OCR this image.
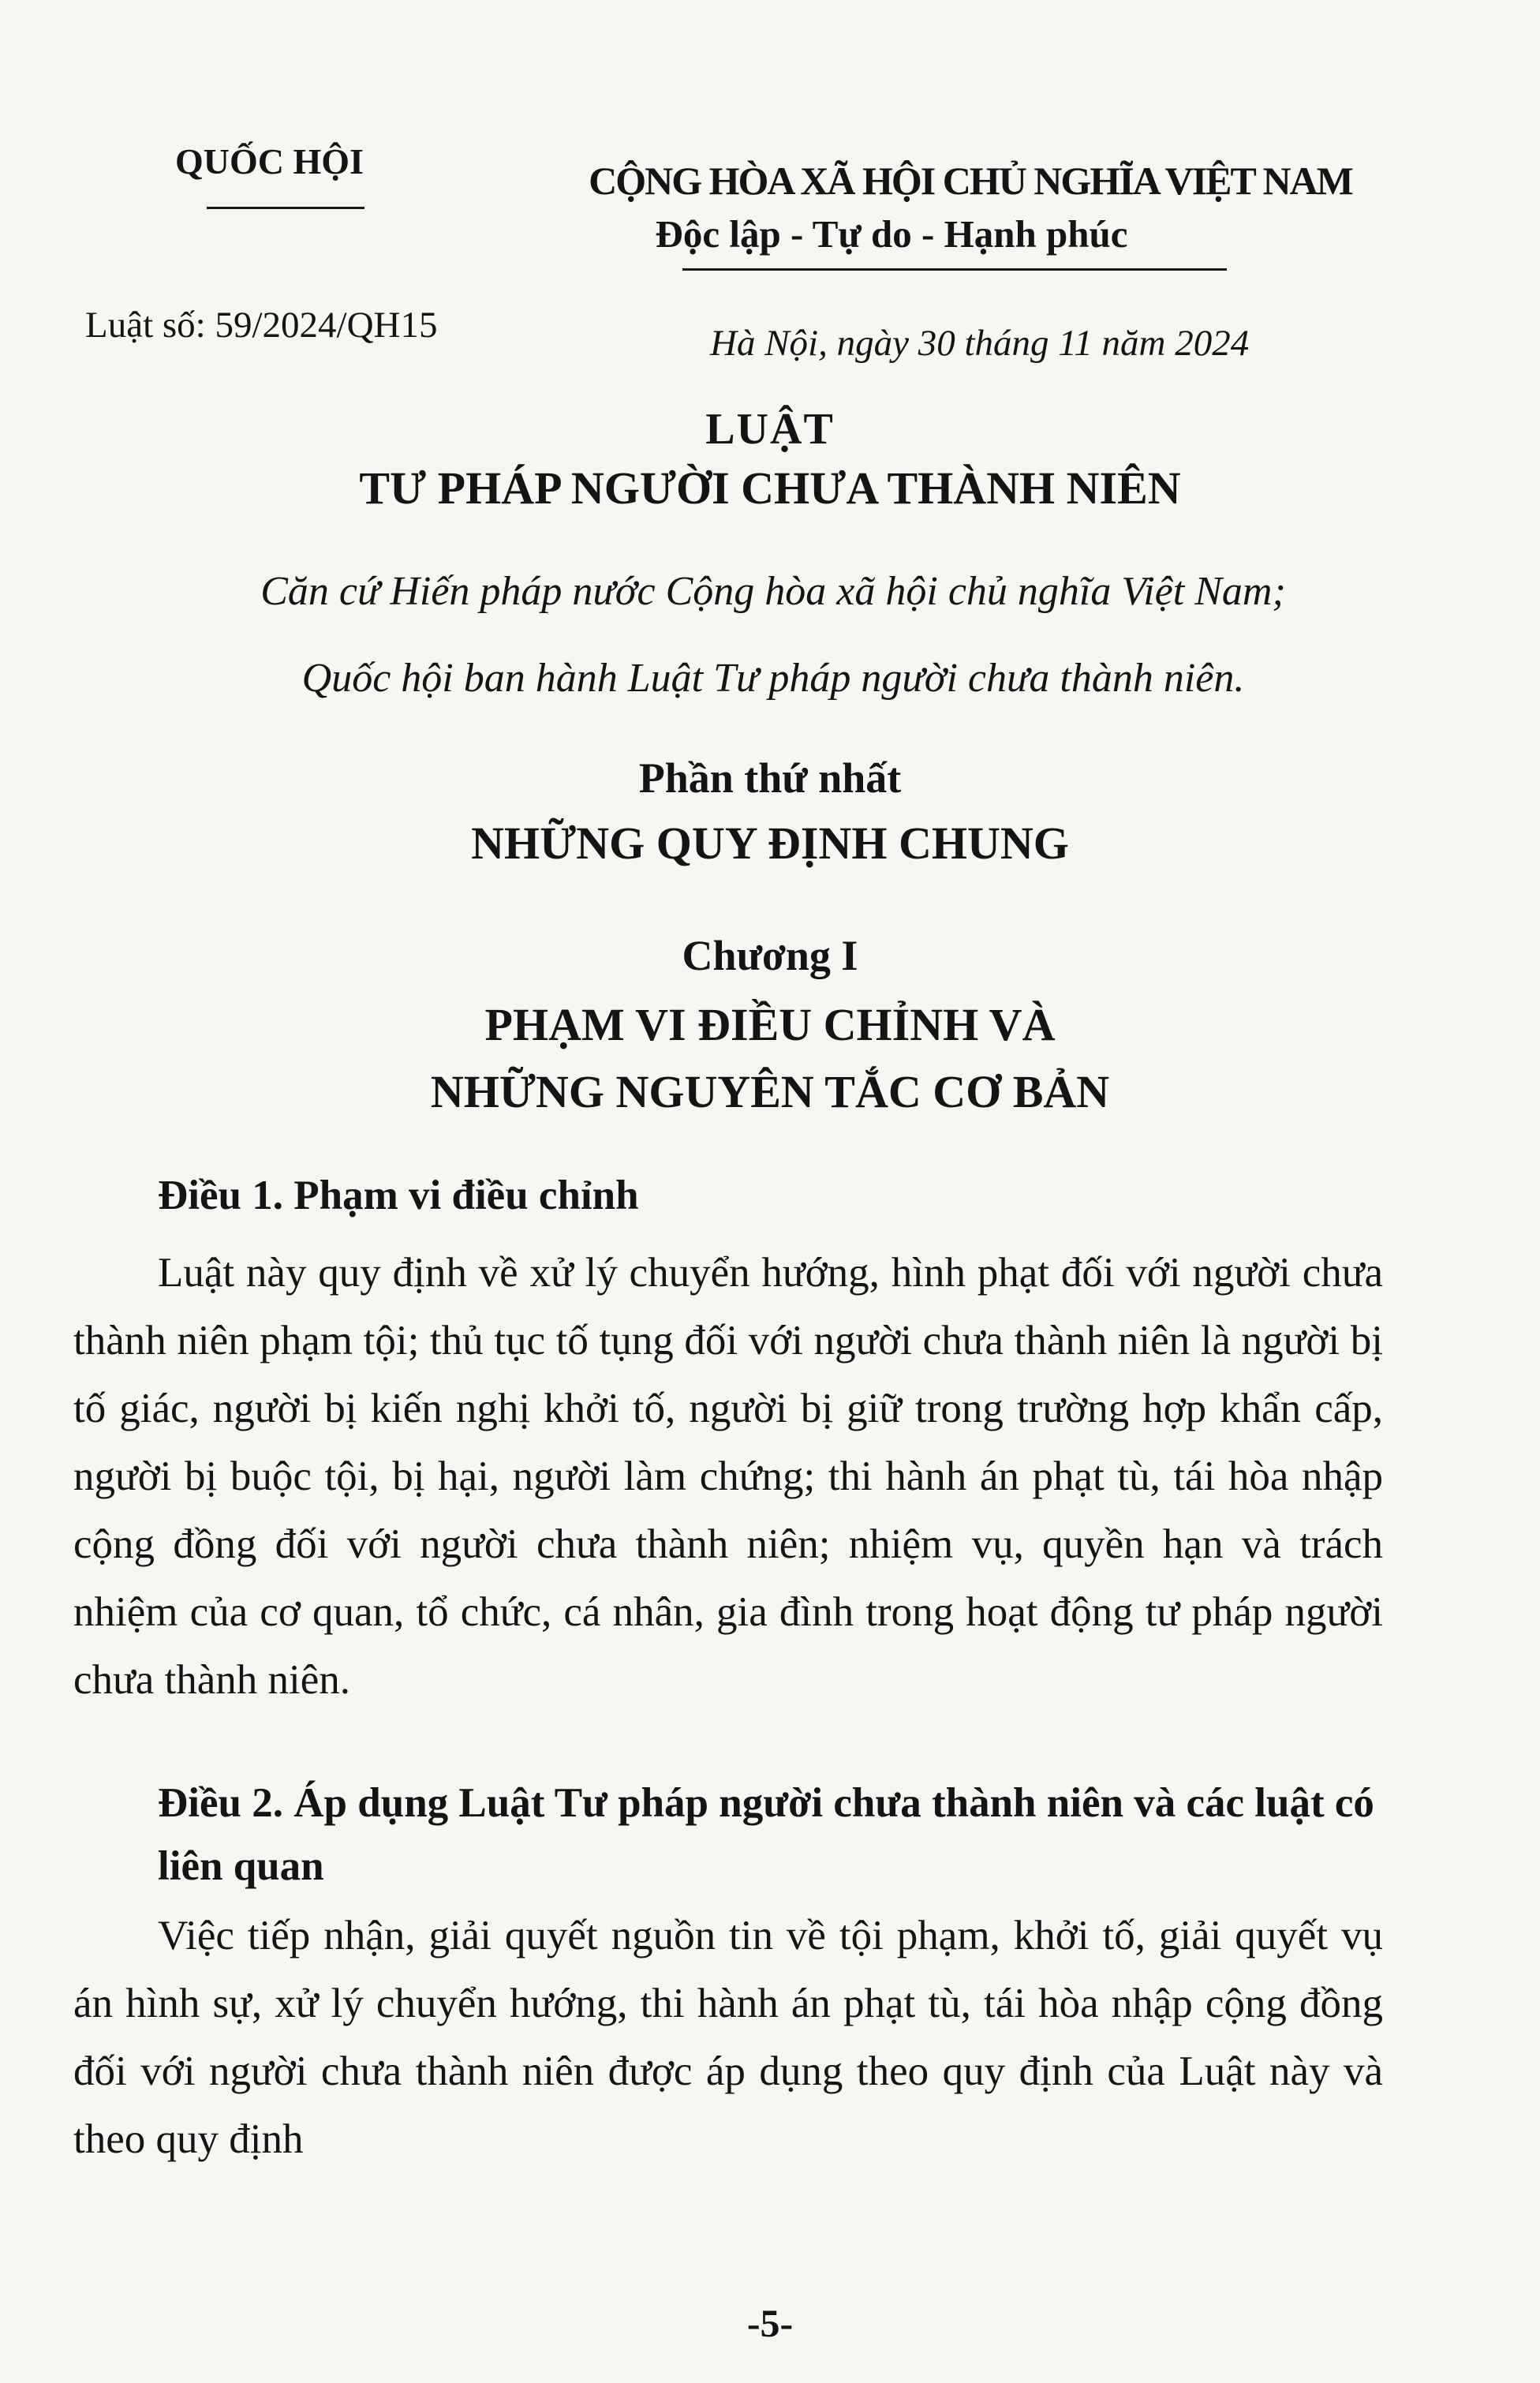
QUỐC HỘI	CỘNG HÒA XÃ HỘI CHỦ NGHĨA VIỆT NAM
Độc lập - Tự do - Hạnh phúc
Luật số: 59/2024/QH15	Hà Nội, ngày 30 tháng 11 năm 2024
LUẬT
TƯ PHÁP NGƯỜI CHƯA THÀNH NIÊN
Căn cứ Hiến pháp nước Cộng hòa xã hội chủ nghĩa Việt Nam;
Quốc hội ban hành Luật Tư pháp người chưa thành niên.
Phần thứ nhất
NHỮNG QUY ĐỊNH CHUNG
Chương I
PHẠM VI ĐIỀU CHỈNH VÀ
NHỮNG NGUYÊN TẮC CƠ BẢN
Điều 1. Phạm vi điều chỉnh
Luật này quy định về xử lý chuyển hướng, hình phạt đối với người chưa thành niên phạm tội; thủ tục tố tụng đối với người chưa thành niên là người bị tố giác, người bị kiến nghị khởi tố, người bị giữ trong trường hợp khẩn cấp, người bị buộc tội, bị hại, người làm chứng; thi hành án phạt tù, tái hòa nhập cộng đồng đối với người chưa thành niên; nhiệm vụ, quyền hạn và trách nhiệm của cơ quan, tổ chức, cá nhân, gia đình trong hoạt động tư pháp người chưa thành niên.
Điều 2. Áp dụng Luật Tư pháp người chưa thành niên và các luật có liên quan
Việc tiếp nhận, giải quyết nguồn tin về tội phạm, khởi tố, giải quyết vụ án hình sự, xử lý chuyển hướng, thi hành án phạt tù, tái hòa nhập cộng đồng đối với người chưa thành niên được áp dụng theo quy định của Luật này và theo quy định
-5-
